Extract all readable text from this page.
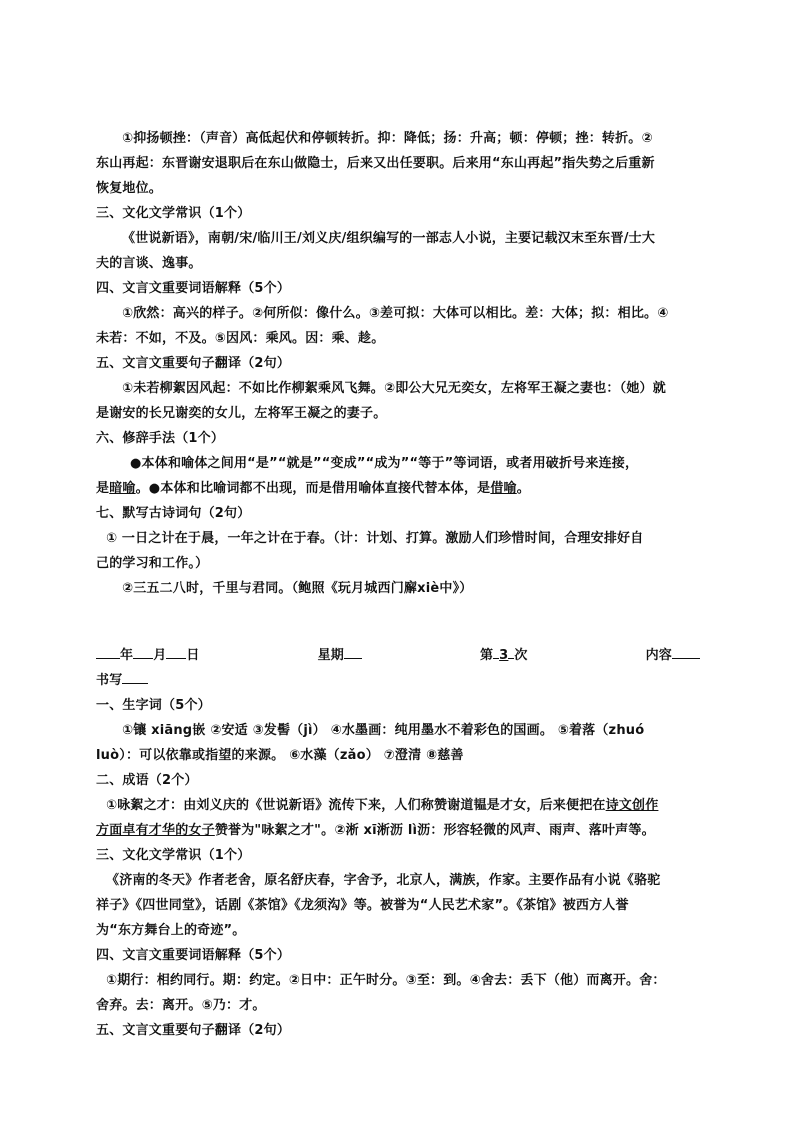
①抑扬顿挫：（声音）高低起伏和停顿转折。抑：降低；扬：升高；顿：停顿；挫：转折。②

东山再起：东晋谢安退职后在东山做隐士，后来又出任要职。后来用“东山再起”指失势之后重新

恢复地位。

三、文化文学常识（1个）

《世说新语》，南朝/宋/临川王/刘义庆/组织编写的一部志人小说，主要记载汉末至东晋/士大

夫的言谈、逸事。

四、文言文重要词语解释（5个）

①欣然：高兴的样子。②何所似：像什么。③差可拟：大体可以相比。差：大体；拟：相比。④

未若：不如，不及。⑤因风：乘风。因：乘、趁。

五、文言文重要句子翻译（2句）

①未若柳絮因风起：不如比作柳絮乘风飞舞。②即公大兄无奕女，左将军王凝之妻也：（她）就

是谢安的长兄谢奕的女儿，左将军王凝之的妻子。

六、修辞手法（1个）

●本体和喻体之间用“是”“就是”“变成”“成为”“等于”等词语，或者用破折号来连接，

是暗喻。●本体和比喻词都不出现，而是借用喻体直接代替本体，是借喻。

七、默写古诗词句（2句）

① 一日之计在于晨，一年之计在于春。（计：计划、打算。激励人们珍惜时间，合理安排好自

己的学习和工作。）

②三五二八时，千里与君同。（鲍照《玩月城西门廨xiè中》）

年 月 日	星期	第 3 次	内容

书写

一、生字词（5个）

①镶 xiāng嵌 ②安适 ③发髻（jì） ④水墨画：纯用墨水不着彩色的国画。 ⑤着落（zhuó

luò）：可以依靠或指望的来源。 ⑥水藻（zǎo） ⑦澄清 ⑧慈善

二、成语（2个）

①咏絮之才：由刘义庆的《世说新语》流传下来，人们称赞谢道韫是才女，后来便把在诗文创作

方面卓有才华的女子赞誉为"咏絮之才"。②淅 xī淅沥 lì沥：形容轻微的风声、雨声、落叶声等。

三、文化文学常识（1个）

《济南的冬天》作者老舍，原名舒庆春，字舍予，北京人，满族，作家。主要作品有小说《骆驼

祥子》《四世同堂》，话剧《茶馆》《龙须沟》等。被誉为“人民艺术家”。《茶馆》被西方人誉

为“东方舞台上的奇迹”。

四、文言文重要词语解释（5个）

①期行：相约同行。期：约定。②日中：正午时分。③至：到。④舍去：丢下（他）而离开。舍：

舍弃。去：离开。⑤乃：才。

五、文言文重要句子翻译（2句）
